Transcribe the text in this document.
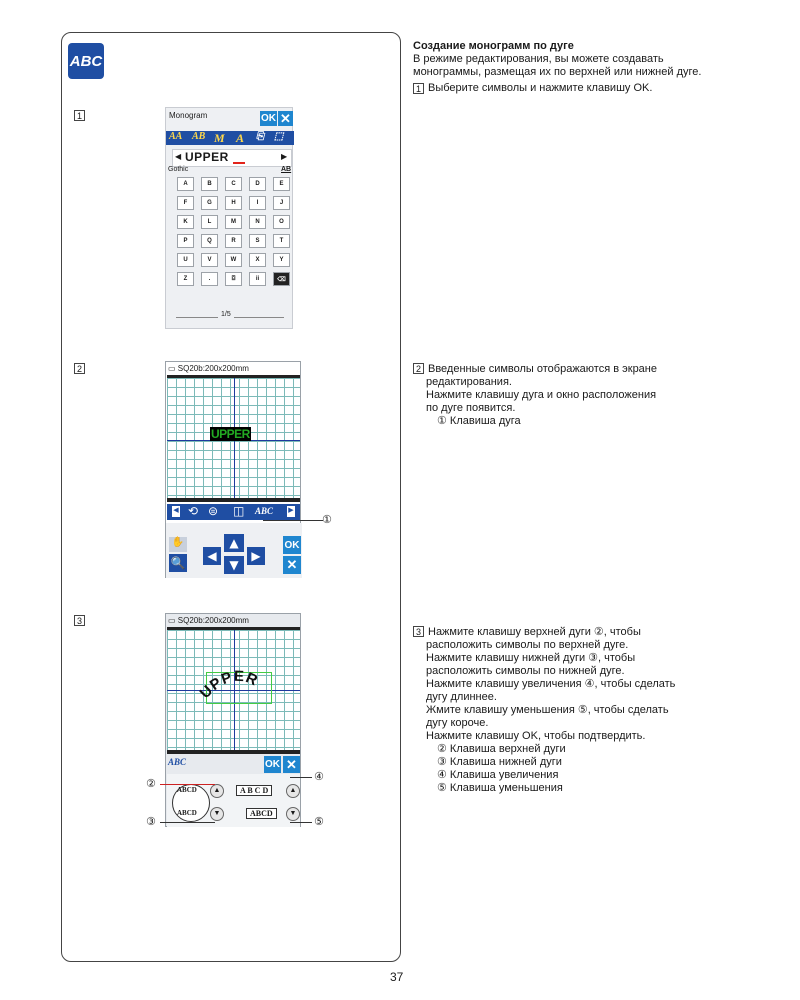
ABC
1
2
3
Monogram	OK ✕
AA AB M A ⎘ ⬚
◀ UPPER	▶
Gothic	AB
A	B	C	D	E
F	G	H	I	J
K	L	M	N	O
P	Q	R	S	T
U	V	W	X	Y
Z	.	⌼	ii	⌫
1/5
▭ SQ20b:200x200mm
UPPER
◀ ⟲ ⊜ ◫ ABC ▶
✋
🔍	◀
▲
▼
▶
OK
✕
①
▭ SQ20b:200x200mm
UPPER
ABC	OK ✕
ABCD
ABCD
▲
▼
A B C D
ABCD
▲
▼
②
③
④
⑤
Создание монограмм по дуге
В режиме редактирования, вы можете создавать
монограммы, размещая их по верхней или нижней дуге.
1 Выберите символы и нажмите клавишу OK.
2 Введенные символы отображаются в экране
редактирования.
Нажмите клавишу дуга и окно расположения
по дуге появится.
① Клавиша дуга
3 Нажмите клавишу верхней дуги ②, чтобы
расположить символы по верхней дуге.
Нажмите клавишу нижней дуги ③, чтобы
расположить символы по нижней дуге.
Нажмите клавишу увеличения ④, чтобы сделать
дугу длиннее.
Жмите клавишу уменьшения ⑤, чтобы сделать
дугу короче.
Нажмите клавишу OK, чтобы подтвердить.
② Клавиша верхней дуги
③ Клавиша нижней дуги
④ Клавиша увеличения
⑤ Клавиша уменьшения
37
